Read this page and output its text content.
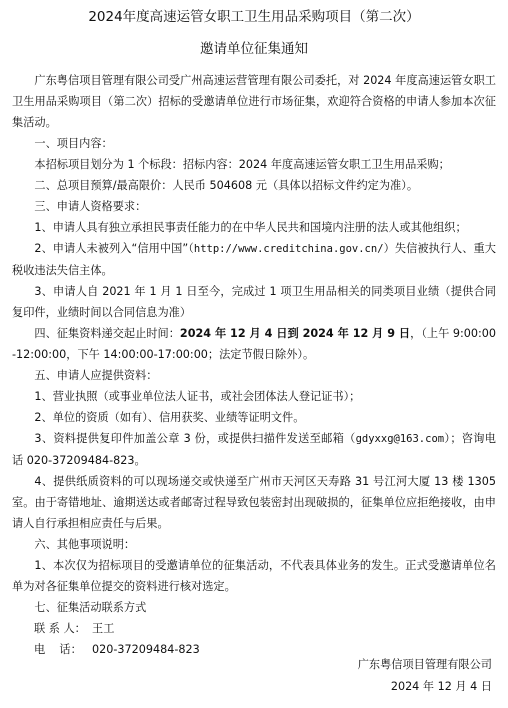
2024年度高速运管女职工卫生用品采购项目（第二次）
邀请单位征集通知

广东粤信项目管理有限公司受广州高速运营管理有限公司委托，对 2024 年度高速运管女职工卫生用品采购项目（第二次）招标的受邀请单位进行市场征集，欢迎符合资格的申请人参加本次征集活动。

一、项目内容：

本招标项目划分为 1 个标段：招标内容：2024 年度高速运管女职工卫生用品采购；

二、总项目预算/最高限价：人民币 504608 元（具体以招标文件约定为准）。

三、申请人资格要求：

1、申请人具有独立承担民事责任能力的在中华人民共和国境内注册的法人或其他组织；

2、申请人未被列入“信用中国”（http://www.creditchina.gov.cn/）失信被执行人、重大税收违法失信主体。

3、申请人自 2021 年 1 月 1 日至今，完成过 1 项卫生用品相关的同类项目业绩（提供合同复印件，业绩时间以合同信息为准）

四、征集资料递交起止时间：2024 年 12 月 4 日到 2024 年 12 月 9 日，（上午 9:00:00-12:00:00，下午 14:00:00-17:00:00；法定节假日除外）。

五、申请人应提供资料：

1、营业执照（或事业单位法人证书，或社会团体法人登记证书）；

2、单位的资质（如有）、信用获奖、业绩等证明文件。

3、资料提供复印件加盖公章 3 份，或提供扫描件发送至邮箱（gdyxxg@163.com）；咨询电话 020-37209484-823。

4、提供纸质资料的可以现场递交或快递至广州市天河区天寿路 31 号江河大厦 13 楼 1305 室。由于寄错地址、逾期送达或者邮寄过程导致包装密封出现破损的，征集单位应拒绝接收，由申请人自行承担相应责任与后果。

六、其他事项说明：

1、本次仅为招标项目的受邀请单位的征集活动，不代表具体业务的发生。正式受邀请单位名单为对各征集单位提交的资料进行核对选定。

七、征集活动联系方式

联 系 人： 王工

电    话： 020-37209484-823

广东粤信项目管理有限公司
2024 年 12 月 4 日
